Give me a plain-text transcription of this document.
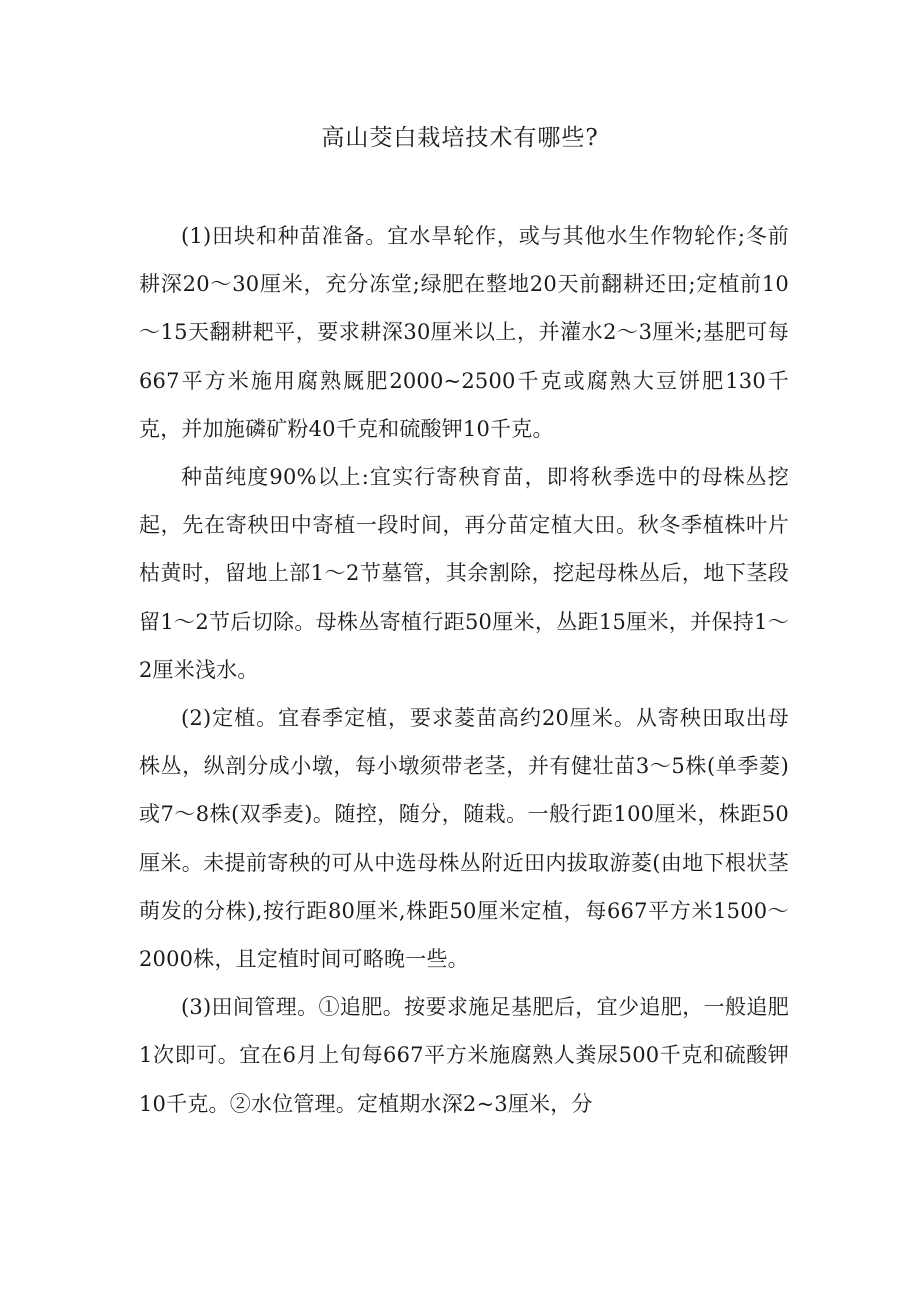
高山茭白栽培技术有哪些?

(1)田块和种苗准备。宜水旱轮作，或与其他水生作物轮作;冬前耕深20～30厘米，充分冻堂;绿肥在整地20天前翻耕还田;定植前10～15天翻耕耙平，要求耕深30厘米以上，并灌水2～3厘米;基肥可每667平方米施用腐熟厩肥2000~2500千克或腐熟大豆饼肥130千克，并加施磷矿粉40千克和硫酸钾10千克。

种苗纯度90%以上:宜实行寄秧育苗，即将秋季选中的母株丛挖起，先在寄秧田中寄植一段时间，再分苗定植大田。秋冬季植株叶片枯黄时，留地上部1～2节墓管，其余割除，挖起母株丛后，地下茎段留1～2节后切除。母株丛寄植行距50厘米，丛距15厘米，并保持1～2厘米浅水。

(2)定植。宜春季定植，要求菱苗高约20厘米。从寄秧田取出母株丛，纵剖分成小墩，每小墩须带老茎，并有健壮苗3～5株(单季菱)或7～8株(双季麦)。随控，随分，随栽。一般行距100厘米，株距50厘米。未提前寄秧的可从中选母株丛附近田内拔取游菱(由地下根状茎萌发的分株),按行距80厘米,株距50厘米定植，每667平方米1500～2000株，且定植时间可略晚一些。

(3)田间管理。①追肥。按要求施足基肥后，宜少追肥，一般追肥1次即可。宜在6月上旬每667平方米施腐熟人粪尿500千克和硫酸钾10千克。②水位管理。定植期水深2~3厘米，分
